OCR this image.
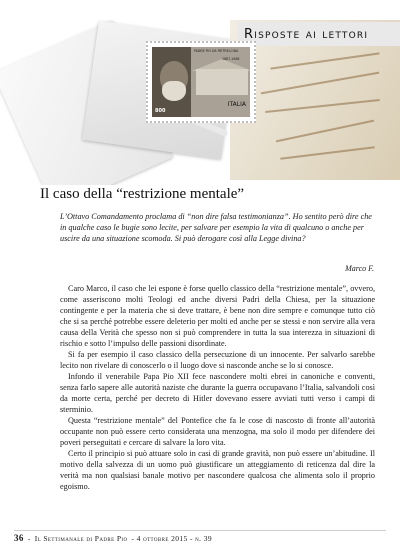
Risposte ai lettori
PADRE PIO DA PIETRELCINA
1887-1968
ITALIA
800
Il caso della “restrizione mentale”

L’Ottavo Comandamento proclama di “non dire falsa testimonianza”. Ho sentito però dire che in qualche caso le bugie sono lecite, per salvare per esempio la vita di qualcuno o anche per uscire da una situazione scomoda. Si può derogare così alla Legge divina?

Marco F.

Caro Marco, il caso che lei espone è forse quello classico della “restrizione mentale”, ovvero, come asseriscono molti Teologi ed anche diversi Padri della Chiesa, per la situazione contingente e per la materia che si deve trattare, è bene non dire sempre e comunque tutto ciò che si sa perché potrebbe essere deleterio per molti ed anche per se stessi e non servire alla vera causa della Verità che spesso non si può comprendere in tutta la sua interezza in situazioni di rischio e sotto l’impulso delle passioni disordinate.

Si fa per esempio il caso classico della persecuzione di un innocente. Per salvarlo sarebbe lecito non rivelare di conoscerlo o il luogo dove si nasconde anche se lo si conosce.

Infondo il venerabile Papa Pio XII fece nascondere molti ebrei in canoniche e conventi, senza farlo sapere alle autorità naziste che durante la guerra occupavano l’Italia, salvandoli così da morte certa, perché per decreto di Hitler dovevano essere avviati tutti verso i campi di sterminio.

Questa “restrizione mentale” del Pontefice che fa le cose di nascosto di fronte all’autorità occupante non può essere certo considerata una menzogna, ma solo il modo per difendere dei poveri perseguitati e cercare di salvare la loro vita.

Certo il principio si può attuare solo in casi di grande gravità, non può essere un’abitudine. Il motivo della salvezza di un uomo può giustificare un atteggiamento di reticenza dal dire la verità ma non qualsiasi banale motivo per nascondere qualcosa che alimenta solo il proprio egoismo.

36 - Il Settimanale di Padre Pio - 4 ottobre 2015 - n. 39
